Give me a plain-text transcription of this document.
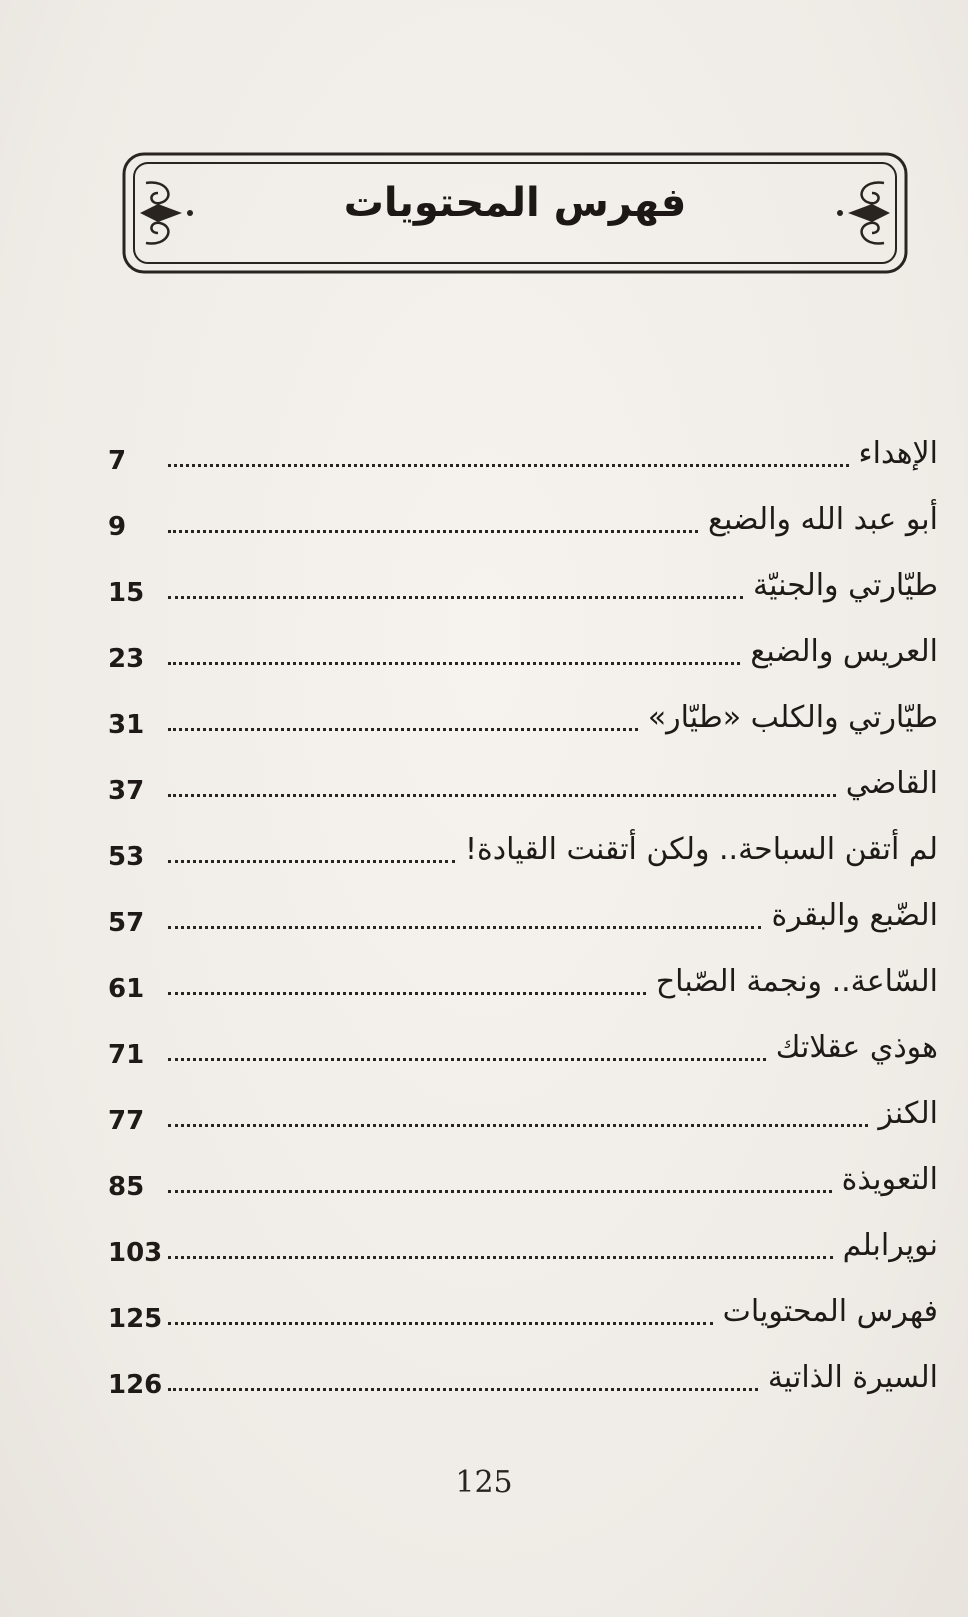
فهرس المحتويات
الإهداء
7
أبو عبد الله والضبع
9
طيّارتي والجنيّة
15
العريس والضبع
23
طيّارتي والكلب «طيّار»
31
القاضي
37
لم أتقن السباحة.. ولكن أتقنت القيادة!
53
الضّبع والبقرة
57
السّاعة.. ونجمة الصّباح
61
هوذي عقلاتك
71
الكنز
77
التعويذة
85
نوپرابلم
103
فهرس المحتويات
125
السيرة الذاتية
126
125
